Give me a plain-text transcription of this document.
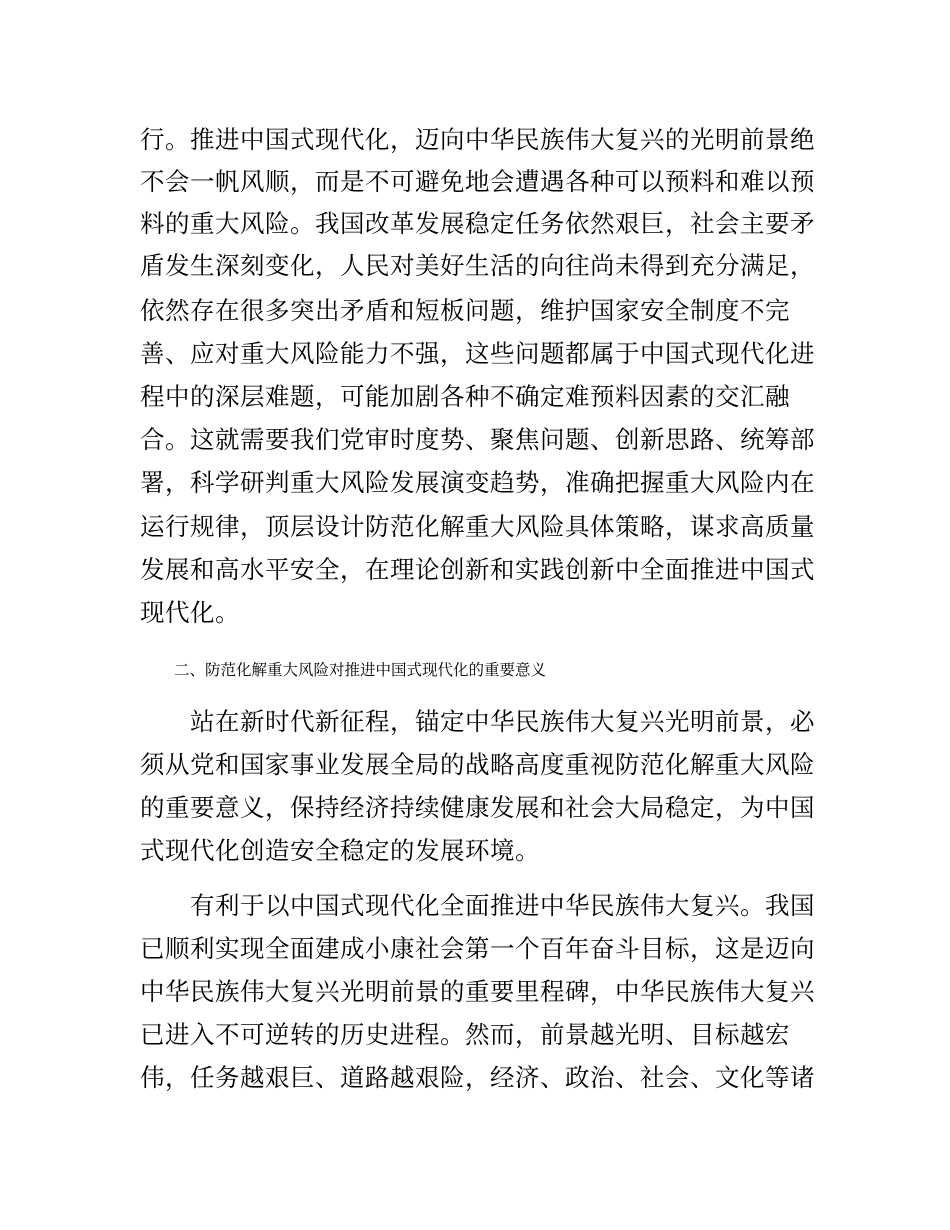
行。推进中国式现代化，迈向中华民族伟大复兴的光明前景绝
不会一帆风顺，而是不可避免地会遭遇各种可以预料和难以预
料的重大风险。我国改革发展稳定任务依然艰巨，社会主要矛
盾发生深刻变化，人民对美好生活的向往尚未得到充分满足，
依然存在很多突出矛盾和短板问题，维护国家安全制度不完
善、应对重大风险能力不强，这些问题都属于中国式现代化进
程中的深层难题，可能加剧各种不确定难预料因素的交汇融
合。这就需要我们党审时度势、聚焦问题、创新思路、统筹部
署，科学研判重大风险发展演变趋势，准确把握重大风险内在
运行规律，顶层设计防范化解重大风险具体策略，谋求高质量
发展和高水平安全，在理论创新和实践创新中全面推进中国式
现代化。
二、防范化解重大风险对推进中国式现代化的重要意义
站在新时代新征程，锚定中华民族伟大复兴光明前景，必
须从党和国家事业发展全局的战略高度重视防范化解重大风险
的重要意义，保持经济持续健康发展和社会大局稳定，为中国
式现代化创造安全稳定的发展环境。
有利于以中国式现代化全面推进中华民族伟大复兴。我国
已顺利实现全面建成小康社会第一个百年奋斗目标，这是迈向
中华民族伟大复兴光明前景的重要里程碑，中华民族伟大复兴
已进入不可逆转的历史进程。然而，前景越光明、目标越宏
伟，任务越艰巨、道路越艰险，经济、政治、社会、文化等诸
